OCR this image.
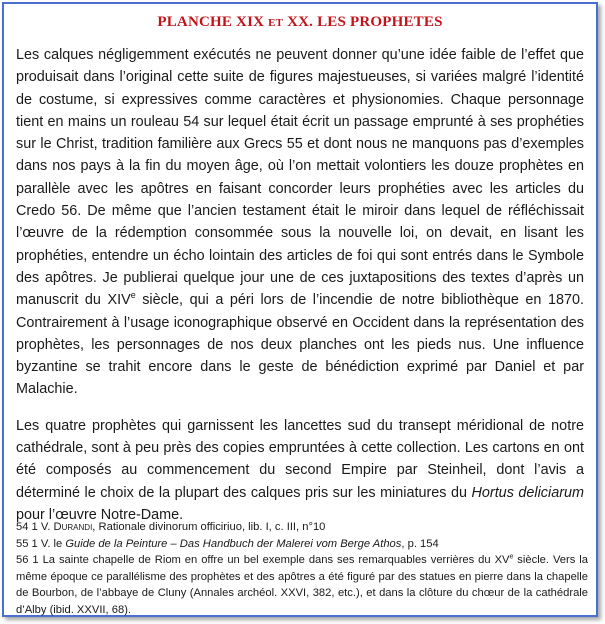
PLANCHE XIX ET XX. LES PROPHETES

Les calques négligemment exécutés ne peuvent donner qu’une idée faible de l’effet que produisait dans l’original cette suite de figures majestueuses, si variées malgré l’identité de costume, si expressives comme caractères et physionomies. Chaque personnage tient en mains un rouleau 54 sur lequel était écrit un passage emprunté à ses prophéties sur le Christ, tradition familière aux Grecs 55 et dont nous ne manquons pas d’exemples dans nos pays à la fin du moyen âge, où l’on mettait volontiers les douze prophètes en parallèle avec les apôtres en faisant concorder leurs prophéties avec les articles du Credo 56. De même que l’ancien testament était le miroir dans lequel de réfléchissait l’œuvre de la rédemption consommée sous la nouvelle loi, on devait, en lisant les prophéties, entendre un écho lointain des articles de foi qui sont entrés dans le Symbole des apôtres. Je publierai quelque jour une de ces juxtapositions des textes d’après un manuscrit du XIVe siècle, qui a péri lors de l’incendie de notre bibliothèque en 1870. Contrairement à l’usage iconographique observé en Occident dans la représentation des prophètes, les personnages de nos deux planches ont les pieds nus. Une influence byzantine se trahit encore dans le geste de bénédiction exprimé par Daniel et par Malachie.

Les quatre prophètes qui garnissent les lancettes sud du transept méridional de notre cathédrale, sont à peu près des copies empruntées à cette collection. Les cartons en ont été composés au commencement du second Empire par Steinheil, dont l’avis a déterminé le choix de la plupart des calques pris sur les miniatures du Hortus deliciarum pour l’œuvre Notre-Dame.

54 1 V. Durandi, Rationale divinorum officiriuo, lib. I, c. III, n°10

55 1 V. le Guide de la Peinture – Das Handbuch der Malerei vom Berge Athos, p. 154

56 1 La sainte chapelle de Riom en offre un bel exemple dans ses remarquables verrières du XVe siècle. Vers la même époque ce parallélisme des prophètes et des apôtres a été figuré par des statues en pierre dans la chapelle de Bourbon, de l’abbaye de Cluny (Annales archéol. XXVI, 382, etc.), et dans la clôture du chœur de la cathédrale d’Alby (ibid. XXVII, 68).
